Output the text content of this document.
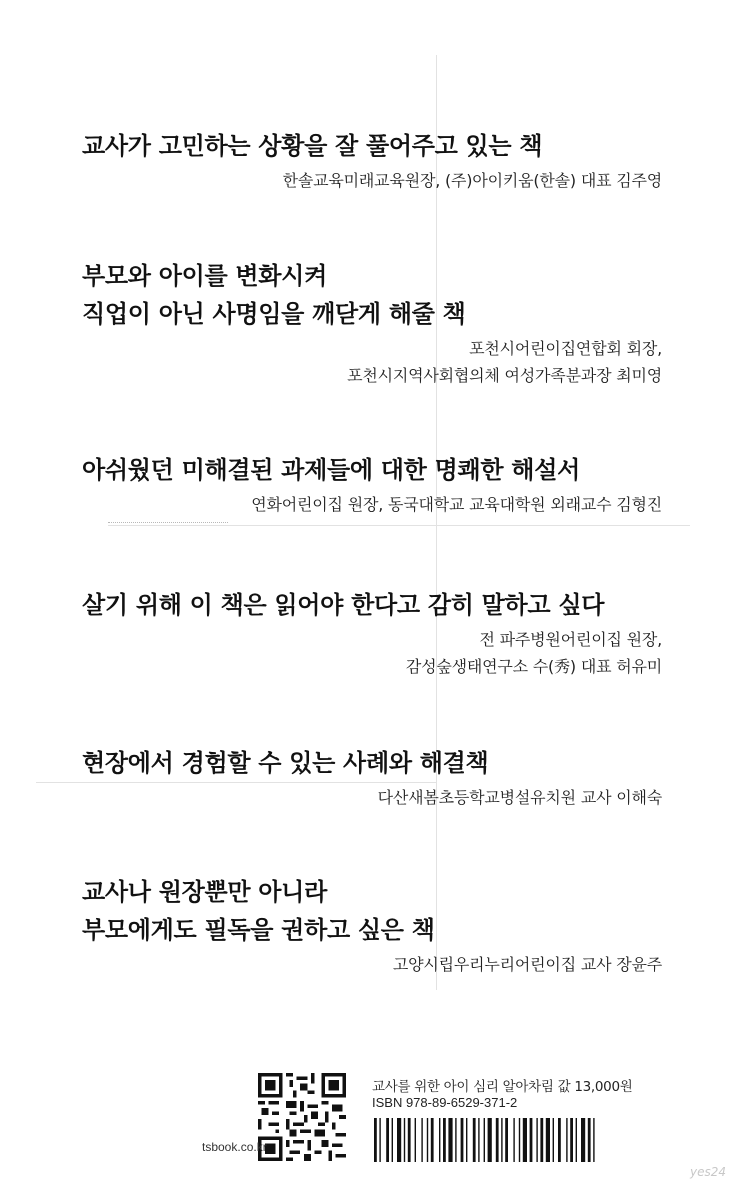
교사가 고민하는 상황을 잘 풀어주고 있는 책
한솔교육미래교육원장, (주)아이키움(한솔) 대표 김주영
부모와 아이를 변화시켜
직업이 아닌 사명임을 깨닫게 해줄 책
포천시어린이집연합회 회장,
포천시지역사회협의체 여성가족분과장 최미영
아쉬웠던 미해결된 과제들에 대한 명쾌한 해설서
연화어린이집 원장, 동국대학교 교육대학원 외래교수 김형진
살기 위해 이 책은 읽어야 한다고 감히 말하고 싶다
전 파주병원어린이집 원장,
감성숲생태연구소 수(秀) 대표 허유미
현장에서 경험할 수 있는 사례와 해결책
다산새봄초등학교병설유치원 교사 이해숙
교사나 원장뿐만 아니라
부모에게도 필독을 권하고 싶은 책
고양시립우리누리어린이집 교사 장윤주
tsbook.co.kr
교사를 위한 아이 심리 알아차림 값 13,000원
ISBN 978-89-6529-371-2
yes24
